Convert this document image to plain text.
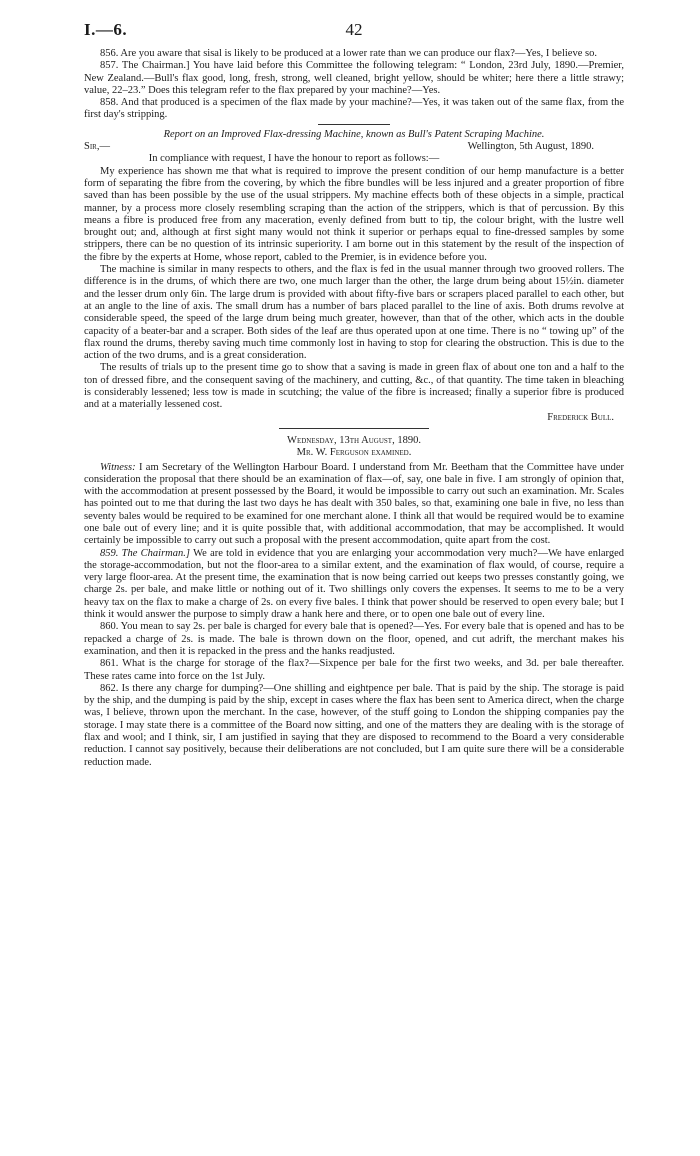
I.—6.	42

856. Are you aware that sisal is likely to be produced at a lower rate than we can produce our flax?—Yes, I believe so.

857. The Chairman.] You have laid before this Committee the following telegram: “ London, 23rd July, 1890.—Premier, New Zealand.—Bull's flax good, long, fresh, strong, well cleaned, bright yellow, should be whiter; here there a little strawy; value, 22–23.” Does this telegram refer to the flax prepared by your machine?—Yes.

858. And that produced is a specimen of the flax made by your machine?—Yes, it was taken out of the same flax, from the first day's stripping.

Report on an Improved Flax-dressing Machine, known as Bull's Patent Scraping Machine.

Sir,—	Wellington, 5th August, 1890.

In compliance with request, I have the honour to report as follows:—

My experience has shown me that what is required to improve the present condition of our hemp manufacture is a better form of separating the fibre from the covering, by which the fibre bundles will be less injured and a greater proportion of fibre saved than has been possible by the use of the usual strippers. My machine effects both of these objects in a simple, practical manner, by a process more closely resembling scraping than the action of the strippers, which is that of percussion. By this means a fibre is produced free from any maceration, evenly defined from butt to tip, the colour bright, with the lustre well brought out; and, although at first sight many would not think it superior or perhaps equal to fine-dressed samples by some strippers, there can be no question of its intrinsic superiority. I am borne out in this statement by the result of the inspection of the fibre by the experts at Home, whose report, cabled to the Premier, is in evidence before you.

The machine is similar in many respects to others, and the flax is fed in the usual manner through two grooved rollers. The difference is in the drums, of which there are two, one much larger than the other, the large drum being about 15½in. diameter and the lesser drum only 6in. The large drum is provided with about fifty-five bars or scrapers placed parallel to each other, but at an angle to the line of axis. The small drum has a number of bars placed parallel to the line of axis. Both drums revolve at considerable speed, the speed of the large drum being much greater, however, than that of the other, which acts in the double capacity of a beater-bar and a scraper. Both sides of the leaf are thus operated upon at one time. There is no “ towing up” of the flax round the drums, thereby saving much time commonly lost in having to stop for clearing the obstruction. This is due to the action of the two drums, and is a great consideration.

The results of trials up to the present time go to show that a saving is made in green flax of about one ton and a half to the ton of dressed fibre, and the consequent saving of the machinery, and cutting, &c., of that quantity. The time taken in bleaching is considerably lessened; less tow is made in scutching; the value of the fibre is increased; finally a superior fibre is produced and at a materially lessened cost.

Frederick Bull.

Wednesday, 13th August, 1890.

Mr. W. Ferguson examined.

Witness: I am Secretary of the Wellington Harbour Board. I understand from Mr. Beetham that the Committee have under consideration the proposal that there should be an examination of flax—of, say, one bale in five. I am strongly of opinion that, with the accommodation at present possessed by the Board, it would be impossible to carry out such an examination. Mr. Scales has pointed out to me that during the last two days he has dealt with 350 bales, so that, examining one bale in five, no less than seventy bales would be required to be examined for one merchant alone. I think all that would be required would be to examine one bale out of every line; and it is quite possible that, with additional accommodation, that may be accomplished. It would certainly be impossible to carry out such a proposal with the present accommodation, quite apart from the cost.

859. The Chairman.] We are told in evidence that you are enlarging your accommodation very much?—We have enlarged the storage-accommodation, but not the floor-area to a similar extent, and the examination of flax would, of course, require a very large floor-area. At the present time, the examination that is now being carried out keeps two presses constantly going, we charge 2s. per bale, and make little or nothing out of it. Two shillings only covers the expenses. It seems to me to be a very heavy tax on the flax to make a charge of 2s. on every five bales. I think that power should be reserved to open every bale; but I think it would answer the purpose to simply draw a hank here and there, or to open one bale out of every line.

860. You mean to say 2s. per bale is charged for every bale that is opened?—Yes. For every bale that is opened and has to be repacked a charge of 2s. is made. The bale is thrown down on the floor, opened, and cut adrift, the merchant makes his examination, and then it is repacked in the press and the hanks readjusted.

861. What is the charge for storage of the flax?—Sixpence per bale for the first two weeks, and 3d. per bale thereafter. These rates came into force on the 1st July.

862. Is there any charge for dumping?—One shilling and eightpence per bale. That is paid by the ship. The storage is paid by the ship, and the dumping is paid by the ship, except in cases where the flax has been sent to America direct, when the charge was, I believe, thrown upon the merchant. In the case, however, of the stuff going to London the shipping companies pay the storage. I may state there is a committee of the Board now sitting, and one of the matters they are dealing with is the storage of flax and wool; and I think, sir, I am justified in saying that they are disposed to recommend to the Board a very considerable reduction. I cannot say positively, because their deliberations are not concluded, but I am quite sure there will be a considerable reduction made.
